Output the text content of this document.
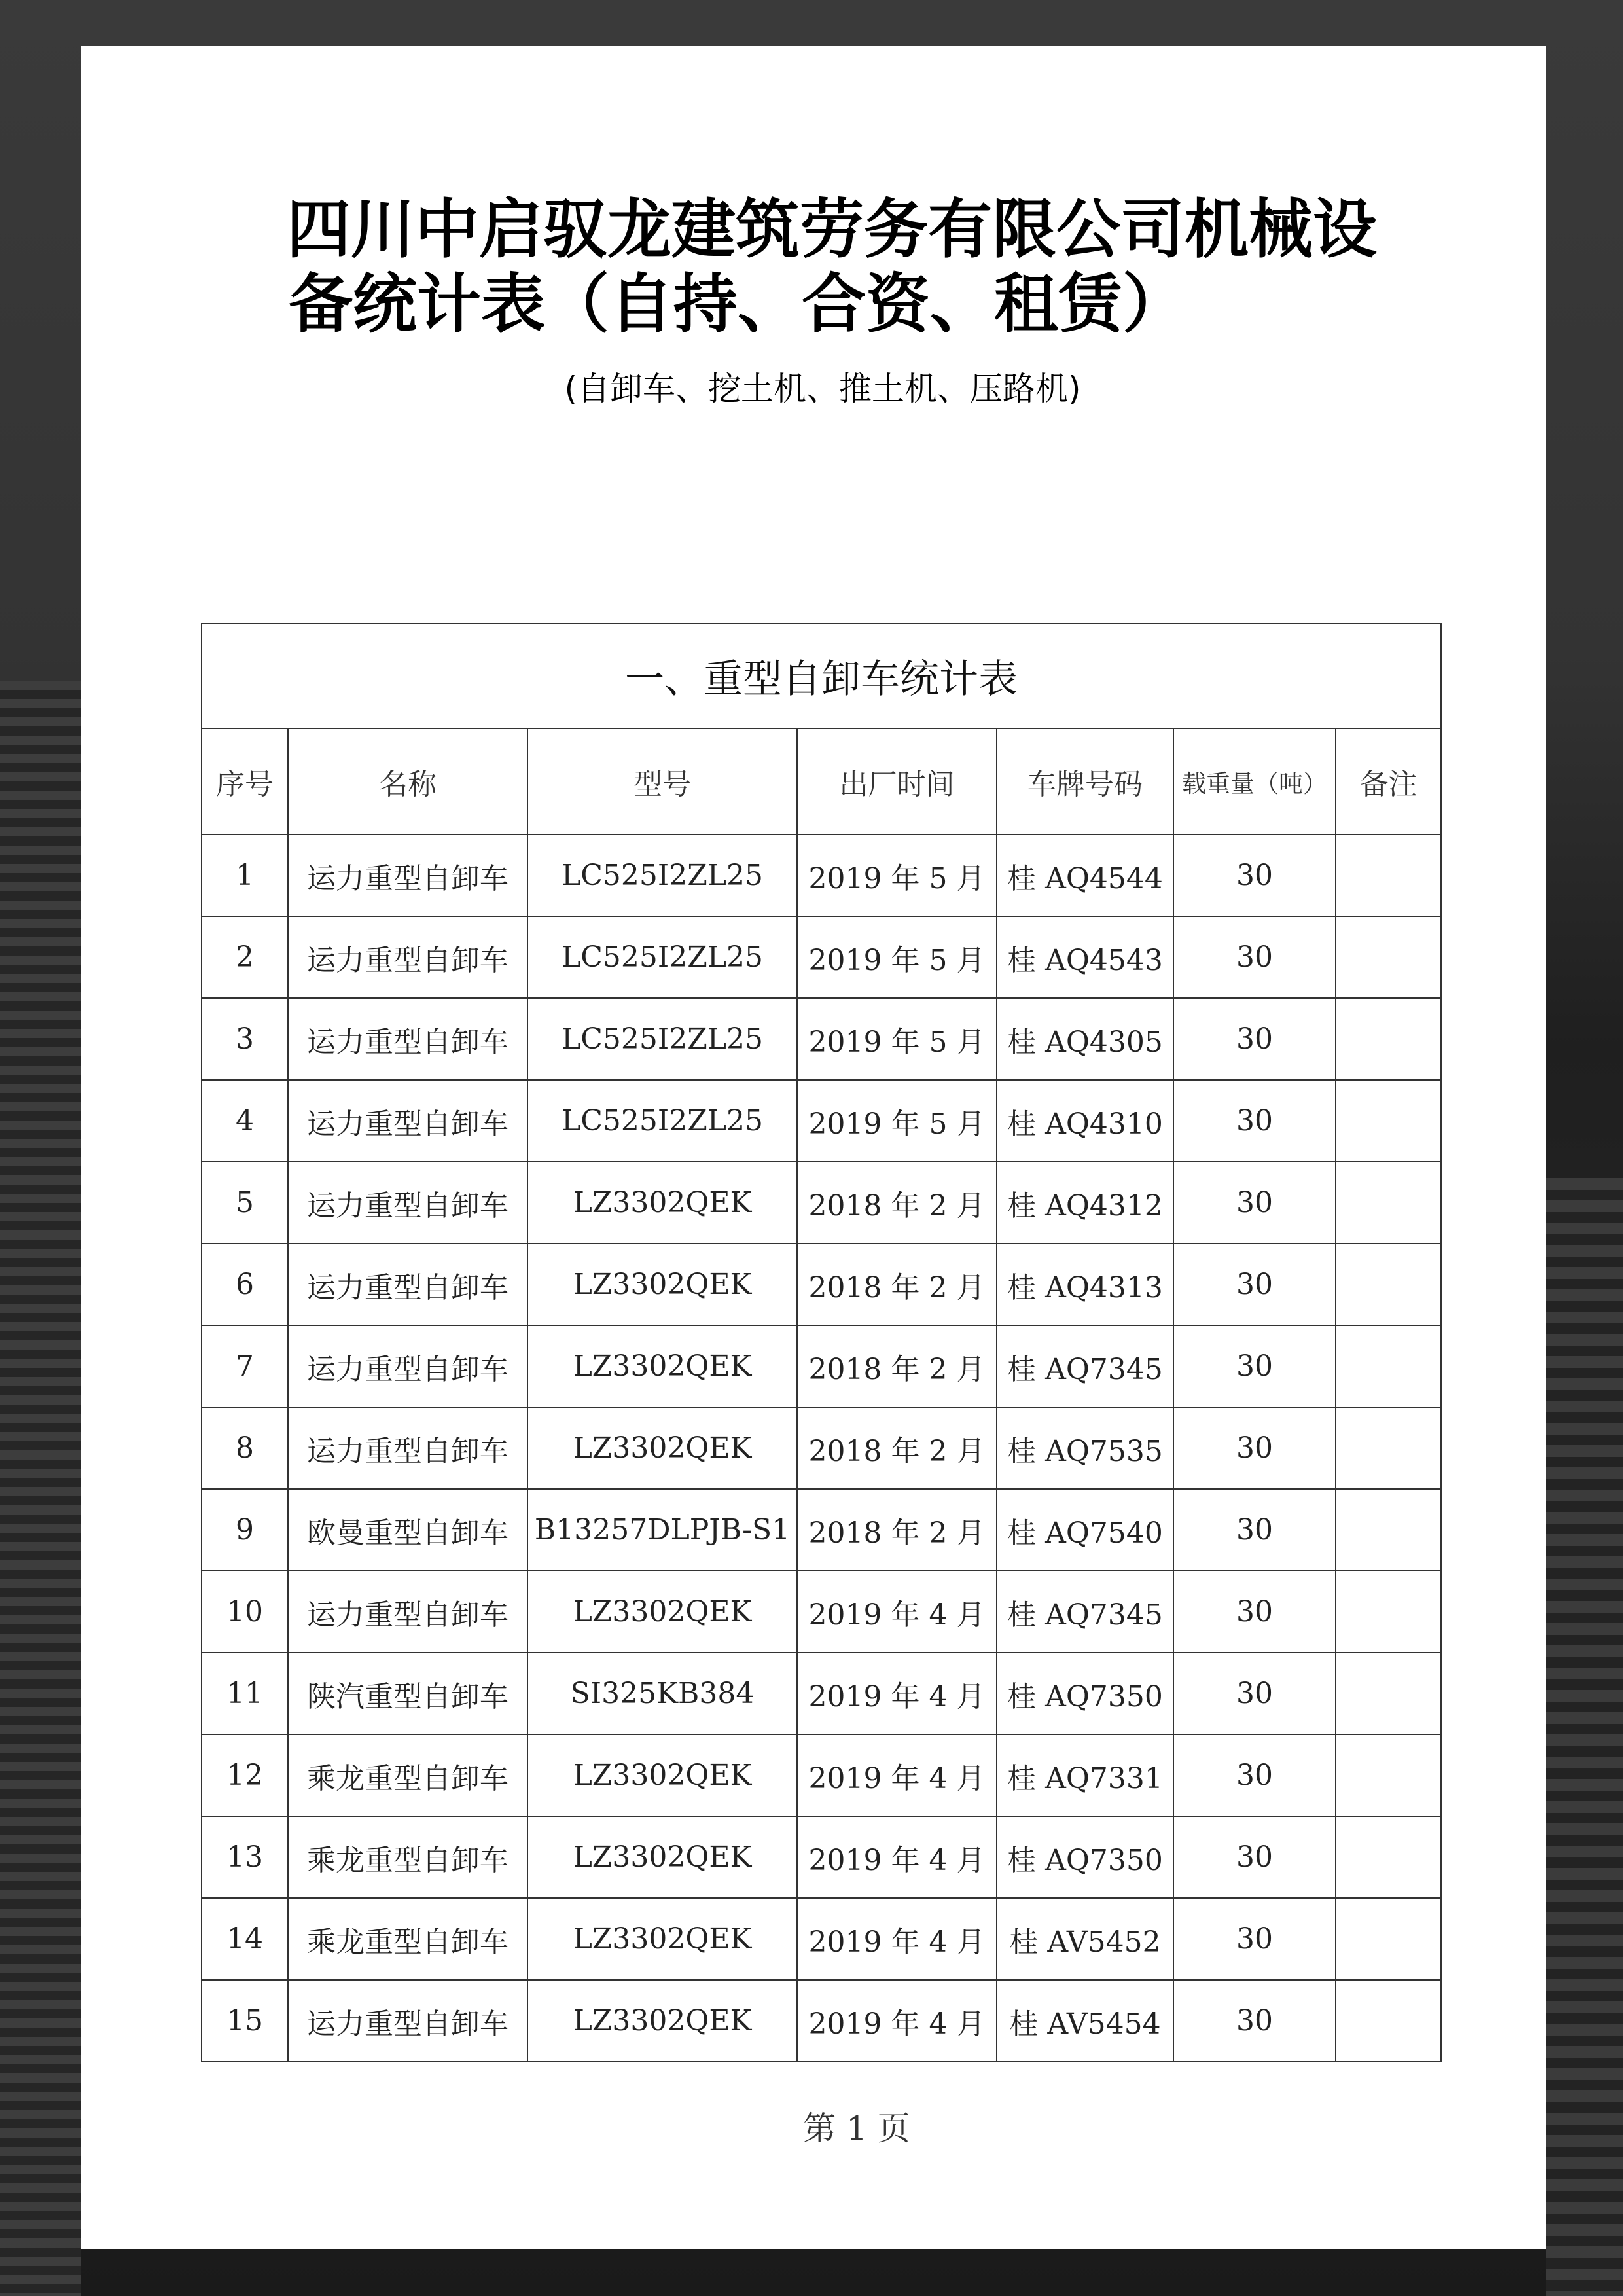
四川中启驭龙建筑劳务有限公司机械设
备统计表（自持、合资、租赁）
(自卸车、挖土机、推土机、压路机)
一、重型自卸车统计表						
序号	名称	型号	出厂时间	车牌号码	载重量（吨）	备注
1	运力重型自卸车	LC525I2ZL25	2019 年 5 月	桂 AQ4544	30	
2	运力重型自卸车	LC525I2ZL25	2019 年 5 月	桂 AQ4543	30	
3	运力重型自卸车	LC525I2ZL25	2019 年 5 月	桂 AQ4305	30	
4	运力重型自卸车	LC525I2ZL25	2019 年 5 月	桂 AQ4310	30	
5	运力重型自卸车	LZ3302QEK	2018 年 2 月	桂 AQ4312	30	
6	运力重型自卸车	LZ3302QEK	2018 年 2 月	桂 AQ4313	30	
7	运力重型自卸车	LZ3302QEK	2018 年 2 月	桂 AQ7345	30	
8	运力重型自卸车	LZ3302QEK	2018 年 2 月	桂 AQ7535	30	
9	欧曼重型自卸车	B13257DLPJB-S1	2018 年 2 月	桂 AQ7540	30	
10	运力重型自卸车	LZ3302QEK	2019 年 4 月	桂 AQ7345	30	
11	陕汽重型自卸车	SI325KB384	2019 年 4 月	桂 AQ7350	30	
12	乘龙重型自卸车	LZ3302QEK	2019 年 4 月	桂 AQ7331	30	
13	乘龙重型自卸车	LZ3302QEK	2019 年 4 月	桂 AQ7350	30	
14	乘龙重型自卸车	LZ3302QEK	2019 年 4 月	桂 AV5452	30	
15	运力重型自卸车	LZ3302QEK	2019 年 4 月	桂 AV5454	30	
第 1 页
